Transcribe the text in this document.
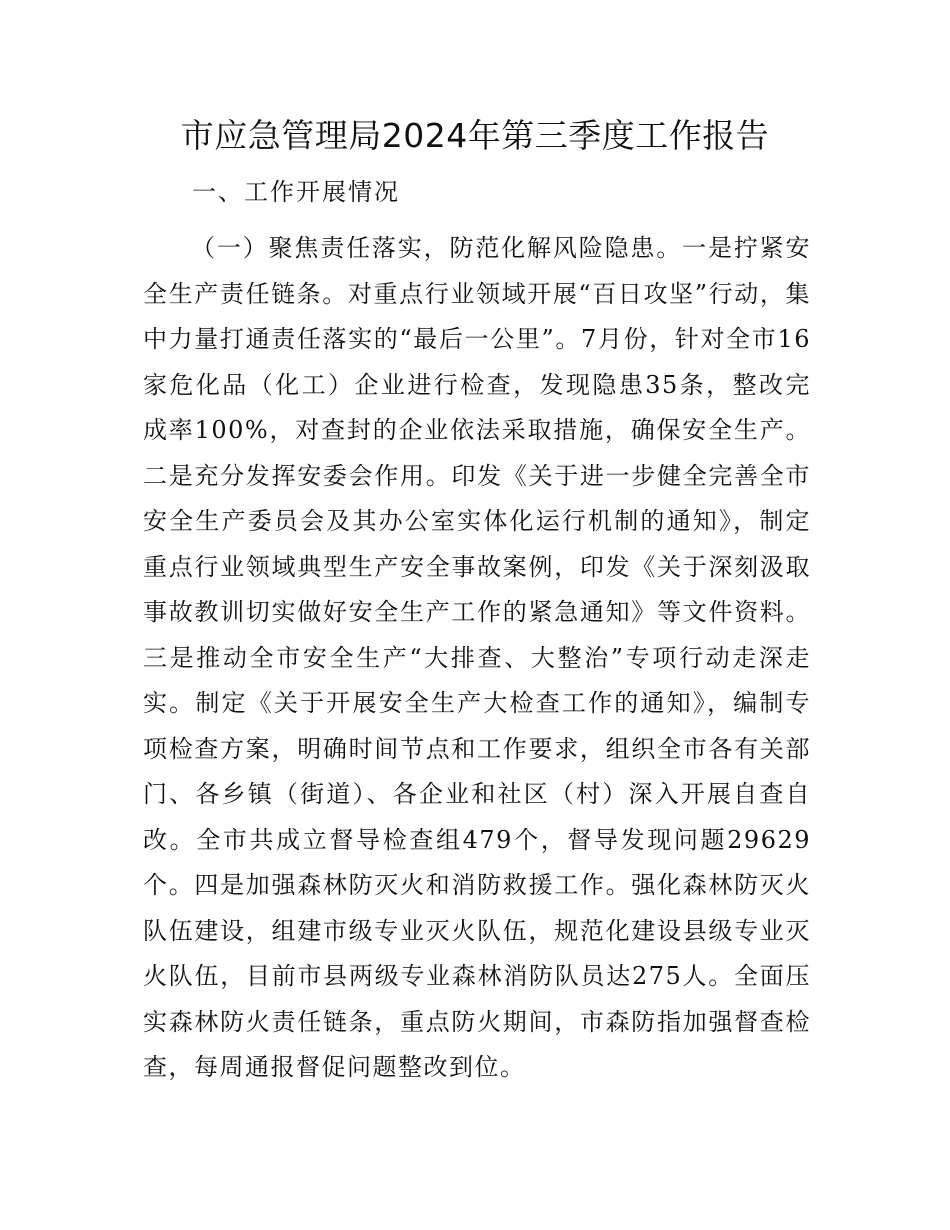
市应急管理局2024年第三季度工作报告
一、工作开展情况

（一）聚焦责任落实，防范化解风险隐患。一是拧紧安全生产责任链条。对重点行业领域开展“百日攻坚”行动，集中力量打通责任落实的“最后一公里”。7月份，针对全市16家危化品（化工）企业进行检查，发现隐患35条，整改完成率100%，对查封的企业依法采取措施，确保安全生产。二是充分发挥安委会作用。印发《关于进一步健全完善全市安全生产委员会及其办公室实体化运行机制的通知》，制定重点行业领域典型生产安全事故案例，印发《关于深刻汲取事故教训切实做好安全生产工作的紧急通知》等文件资料。三是推动全市安全生产“大排查、大整治”专项行动走深走实。制定《关于开展安全生产大检查工作的通知》，编制专项检查方案，明确时间节点和工作要求，组织全市各有关部门、各乡镇（街道）、各企业和社区（村）深入开展自查自改。全市共成立督导检查组479个，督导发现问题29629个。四是加强森林防灭火和消防救援工作。强化森林防灭火队伍建设，组建市级专业灭火队伍，规范化建设县级专业灭火队伍，目前市县两级专业森林消防队员达275人。全面压实森林防火责任链条，重点防火期间，市森防指加强督查检查，每周通报督促问题整改到位。
